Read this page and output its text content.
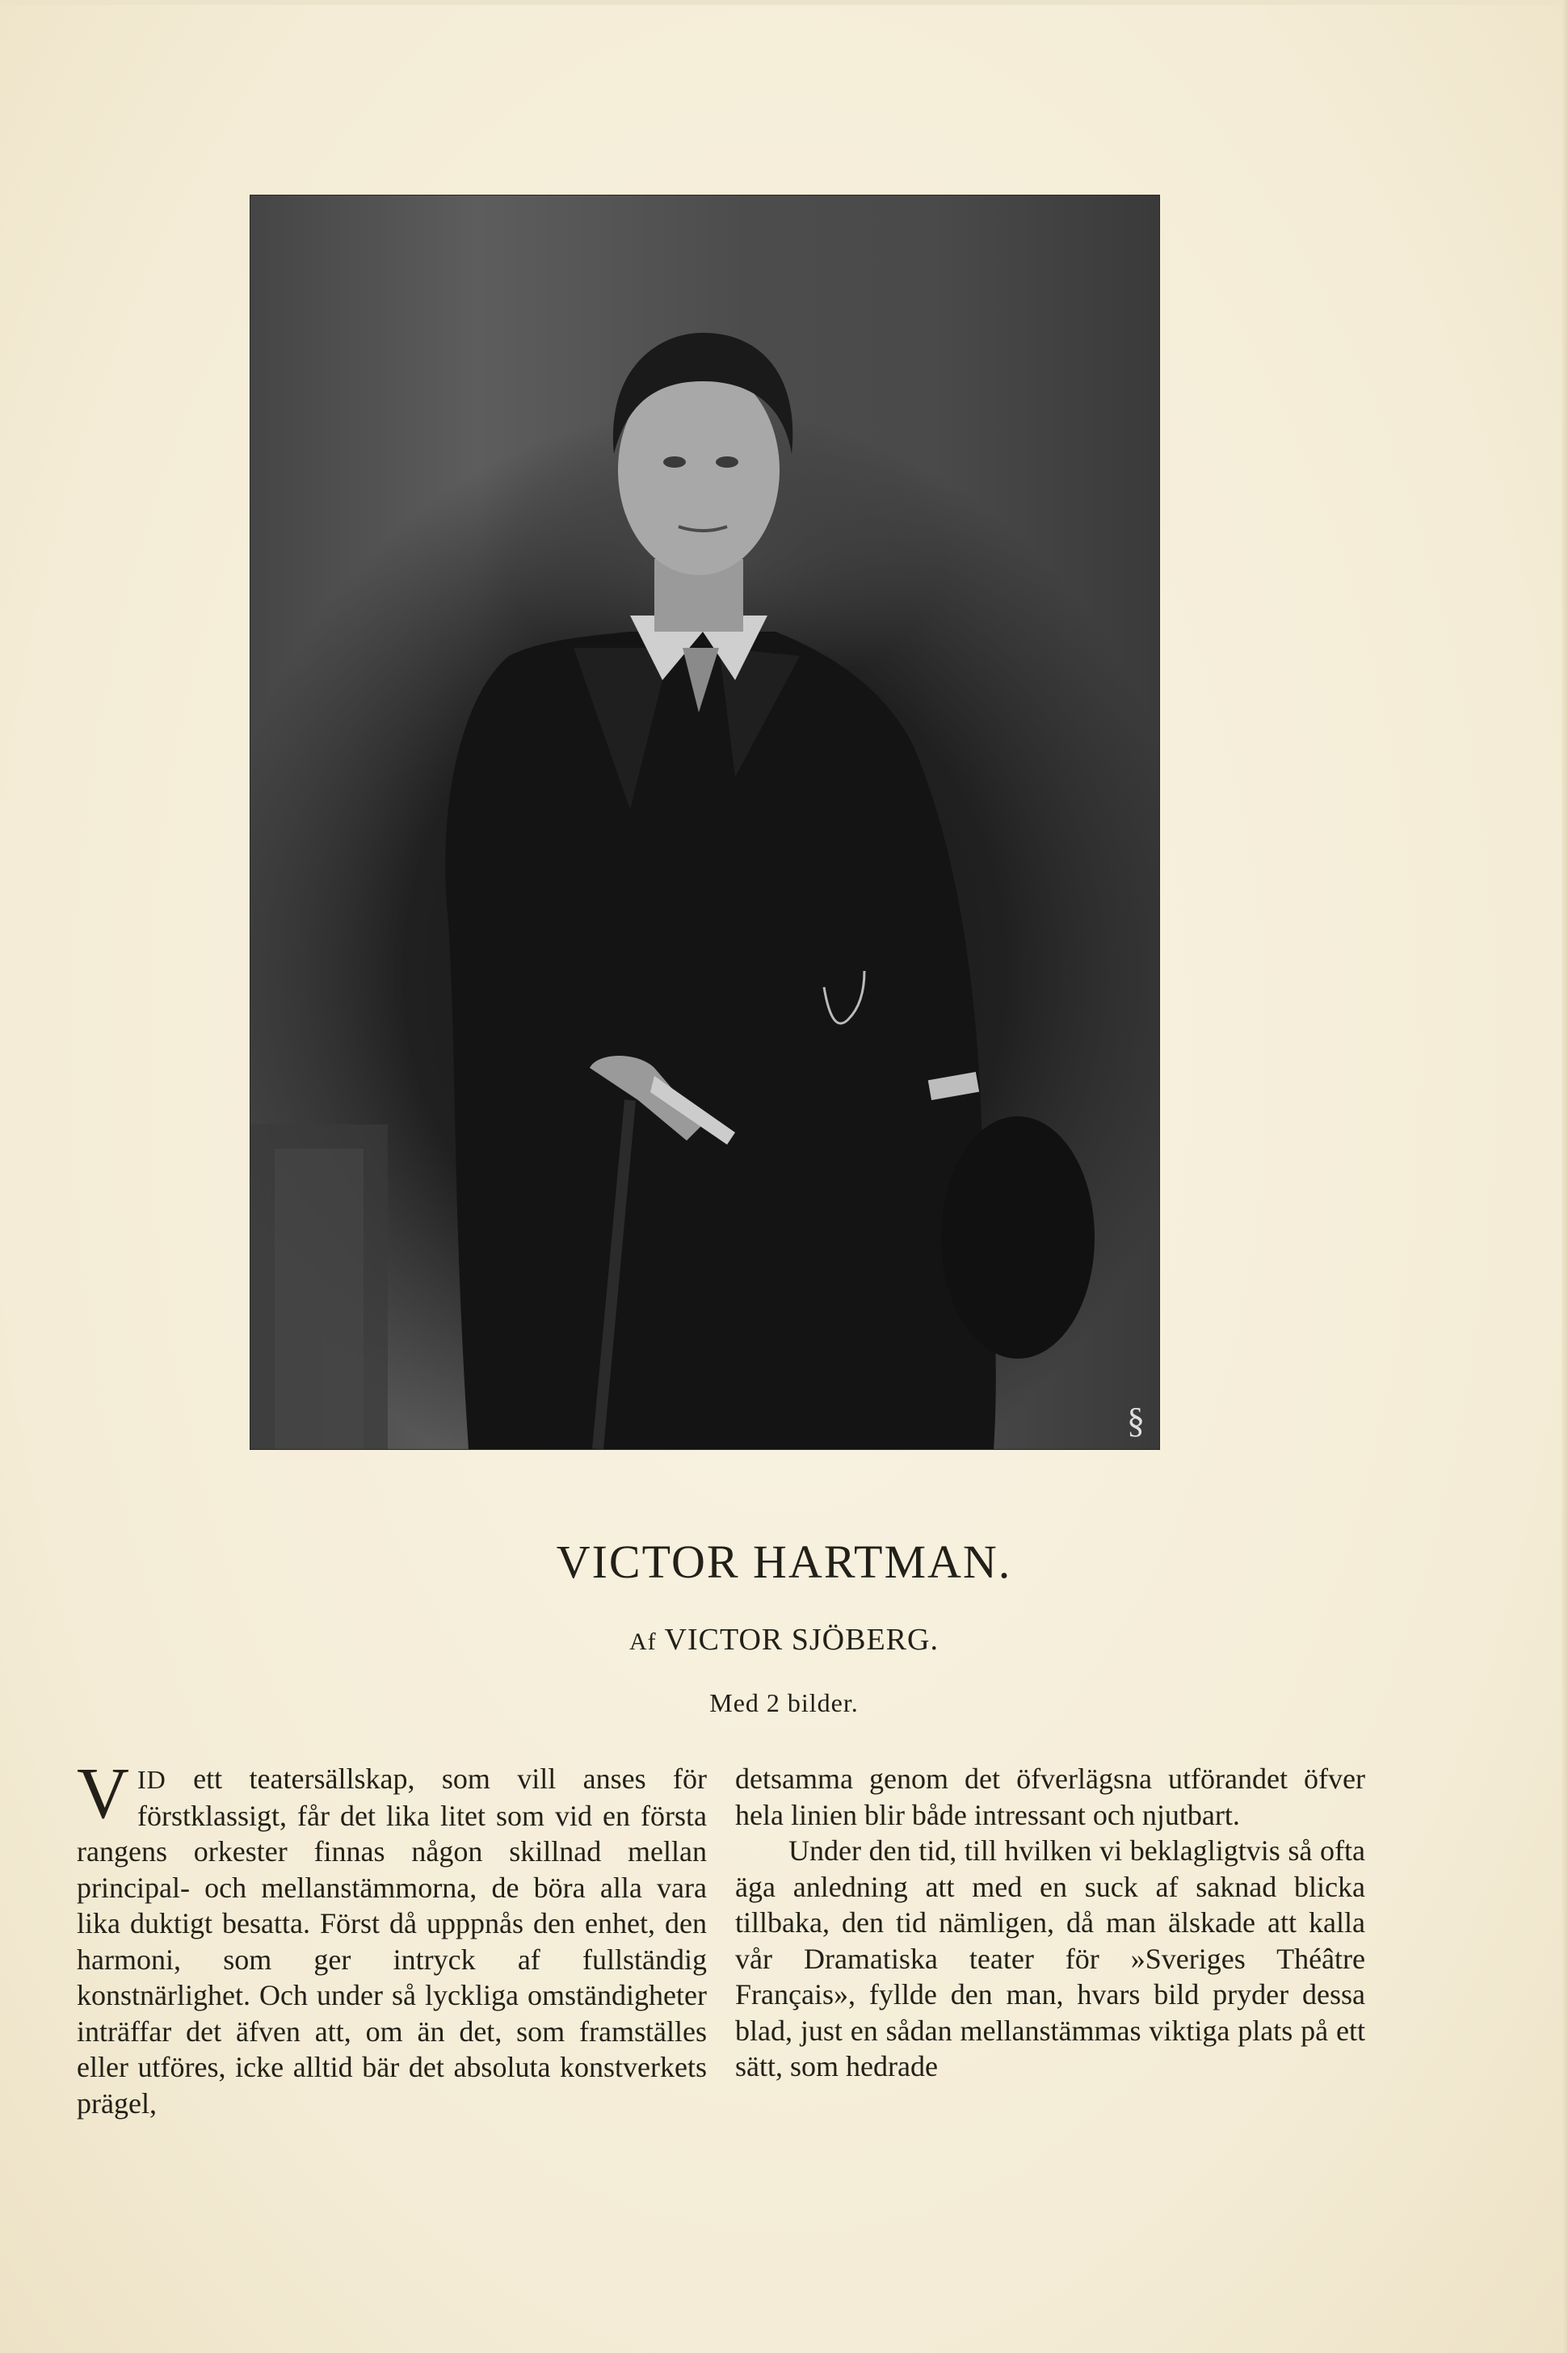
§
VICTOR HARTMAN.
Af VICTOR SJÖBERG.
Med 2 bilder.

VID ett teatersällskap, som vill anses för förstklassigt, får det lika litet som vid en första rangens orkester finnas någon skillnad mellan principal- och mellanstämmorna, de böra alla vara lika duktigt besatta. Först då upppnås den enhet, den harmoni, som ger intryck af fullständig konstnärlighet. Och under så lyckliga omständigheter inträffar det äfven att, om än det, som framställes eller utföres, icke alltid bär det absoluta konstverkets prägel,

detsamma genom det öfverlägsna utförandet öfver hela linien blir både intressant och njutbart.

Under den tid, till hvilken vi beklagligtvis så ofta äga anledning att med en suck af saknad blicka tillbaka, den tid nämligen, då man älskade att kalla vår Dramatiska teater för »Sveriges Théâtre Français», fyllde den man, hvars bild pryder dessa blad, just en sådan mellanstämmas viktiga plats på ett sätt, som hedrade
